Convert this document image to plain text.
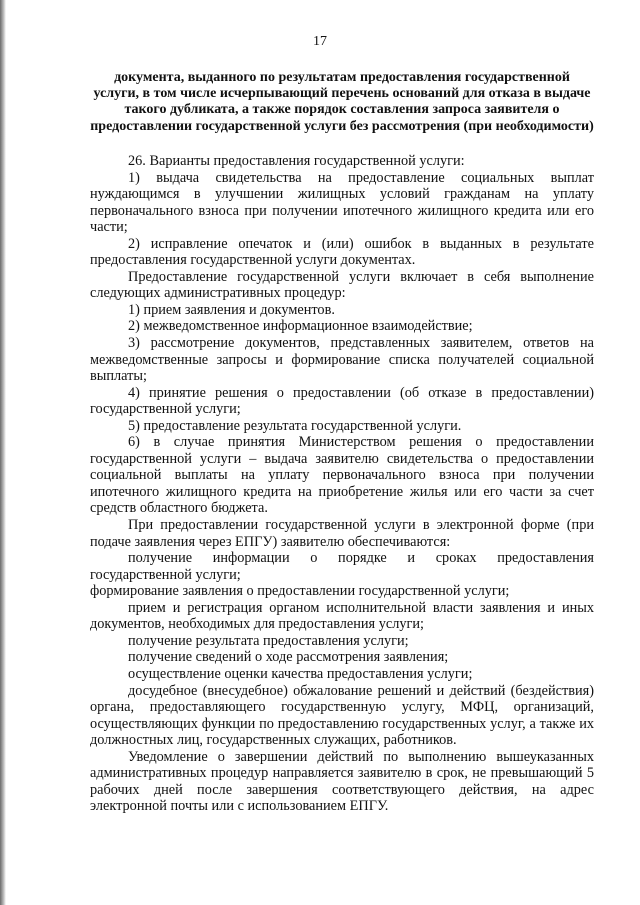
17

документа, выданного по результатам предоставления государственной услуги, в том числе исчерпывающий перечень оснований для отказа в выдаче такого дубликата, а также порядок составления запроса заявителя о предоставлении государственной услуги без рассмотрения (при необходимости)

26. Варианты предоставления государственной услуги:

1) выдача свидетельства на предоставление социальных выплат нуждающимся в улучшении жилищных условий гражданам на уплату первоначального взноса при получении ипотечного жилищного кредита или его части;

2) исправление опечаток и (или) ошибок в выданных в результате предоставления государственной услуги документах.

Предоставление государственной услуги включает в себя выполнение следующих административных процедур:

1) прием заявления и документов.

2) межведомственное информационное взаимодействие;

3) рассмотрение документов, представленных заявителем, ответов на межведомственные запросы и формирование списка получателей социальной выплаты;

4) принятие решения о предоставлении (об отказе в предоставлении) государственной услуги;

5) предоставление результата государственной услуги.

6) в случае принятия Министерством решения о предоставлении государственной услуги – выдача заявителю свидетельства о предоставлении социальной выплаты на уплату первоначального взноса при получении ипотечного жилищного кредита на приобретение жилья или его части за счет средств областного бюджета.

При предоставлении государственной услуги в электронной форме (при подаче заявления через ЕПГУ) заявителю обеспечиваются:

получение информации о порядке и сроках предоставления государственной услуги;

формирование заявления о предоставлении государственной услуги;

прием и регистрация органом исполнительной власти заявления и иных документов, необходимых для предоставления услуги;

получение результата предоставления услуги;

получение сведений о ходе рассмотрения заявления;

осуществление оценки качества предоставления услуги;

досудебное (внесудебное) обжалование решений и действий (бездействия) органа, предоставляющего государственную услугу, МФЦ, организаций, осуществляющих функции по предоставлению государственных услуг, а также их должностных лиц, государственных служащих, работников.

Уведомление о завершении действий по выполнению вышеуказанных административных процедур направляется заявителю в срок, не превышающий 5 рабочих дней после завершения соответствующего действия, на адрес электронной почты или с использованием ЕПГУ.
